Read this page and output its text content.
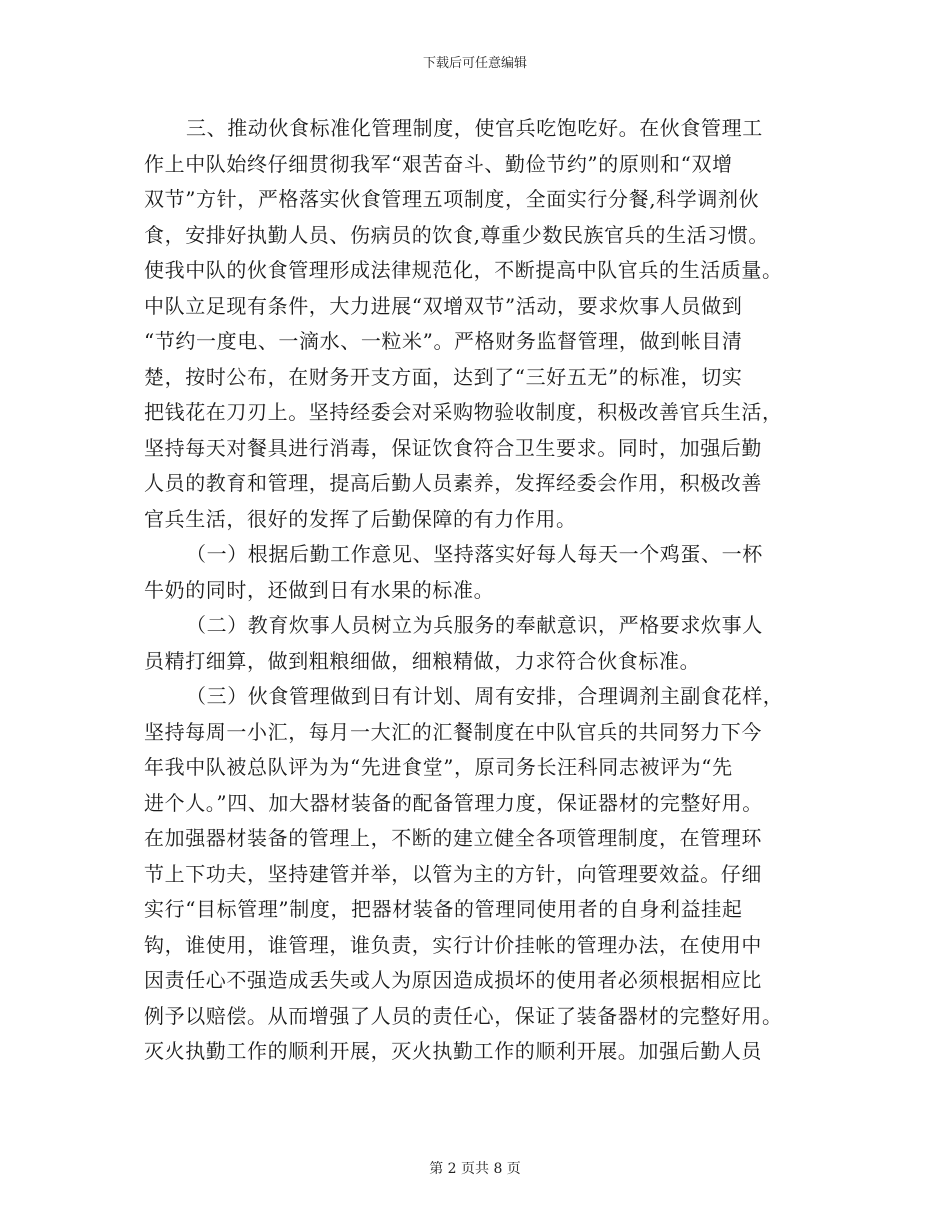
下载后可任意编辑
三、推动伙食标准化管理制度，使官兵吃饱吃好。在伙食管理工
作上中队始终仔细贯彻我军“艰苦奋斗、勤俭节约”的原则和“双增
双节”方针，严格落实伙食管理五项制度，全面实行分餐,科学调剂伙
食，安排好执勤人员、伤病员的饮食,尊重少数民族官兵的生活习惯。
使我中队的伙食管理形成法律规范化，不断提高中队官兵的生活质量。
中队立足现有条件，大力进展“双增双节”活动，要求炊事人员做到
“节约一度电、一滴水、一粒米”。严格财务监督管理，做到帐目清
楚，按时公布，在财务开支方面，达到了“三好五无”的标准，切实
把钱花在刀刃上。坚持经委会对采购物验收制度，积极改善官兵生活，
坚持每天对餐具进行消毒，保证饮食符合卫生要求。同时，加强后勤
人员的教育和管理，提高后勤人员素养，发挥经委会作用，积极改善
官兵生活，很好的发挥了后勤保障的有力作用。
（一）根据后勤工作意见、坚持落实好每人每天一个鸡蛋、一杯
牛奶的同时，还做到日有水果的标准。
（二）教育炊事人员树立为兵服务的奉献意识，严格要求炊事人
员精打细算，做到粗粮细做，细粮精做，力求符合伙食标准。
（三）伙食管理做到日有计划、周有安排，合理调剂主副食花样，
坚持每周一小汇，每月一大汇的汇餐制度在中队官兵的共同努力下今
年我中队被总队评为为“先进食堂”，原司务长汪科同志被评为“先
进个人。”四、加大器材装备的配备管理力度，保证器材的完整好用。
在加强器材装备的管理上，不断的建立健全各项管理制度，在管理环
节上下功夫，坚持建管并举，以管为主的方针，向管理要效益。仔细
实行“目标管理”制度，把器材装备的管理同使用者的自身利益挂起
钩，谁使用，谁管理，谁负责，实行计价挂帐的管理办法，在使用中
因责任心不强造成丢失或人为原因造成损坏的使用者必须根据相应比
例予以赔偿。从而增强了人员的责任心，保证了装备器材的完整好用。
灭火执勤工作的顺利开展，灭火执勤工作的顺利开展。加强后勤人员
第 2 页共 8 页
